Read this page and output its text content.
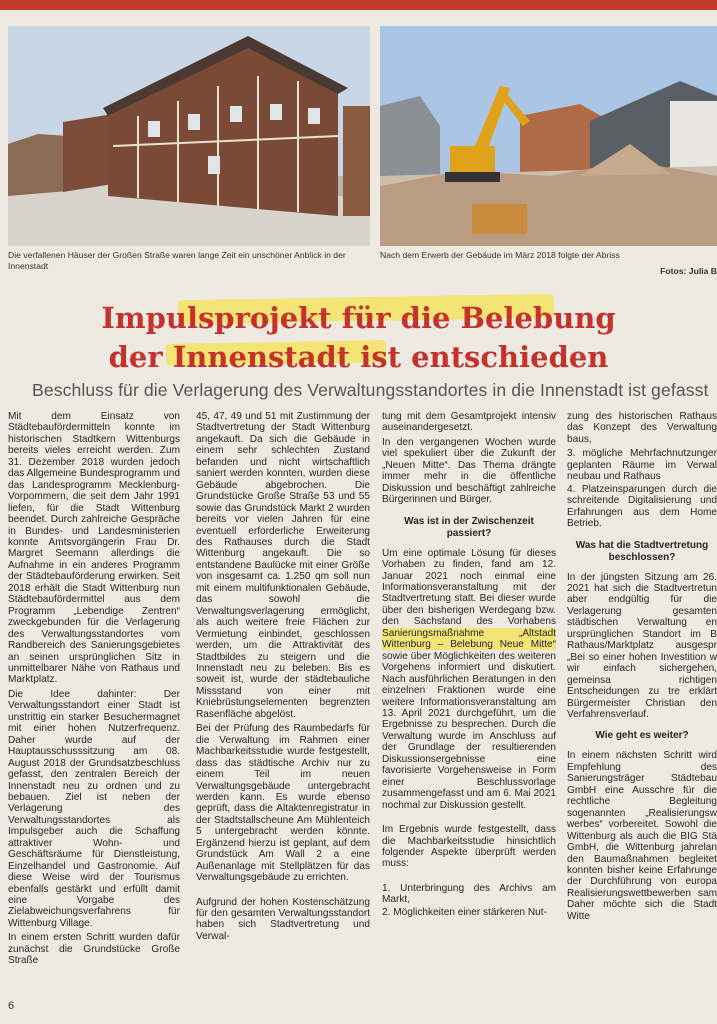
Die verfallenen Häuser der Großen Straße waren lange Zeit ein unschöner Anblick in der Innenstadt
Nach dem Erwerb der Gebäude im März 2018 folgte der Abriss
Fotos: Julia B
Impulsprojekt für die Belebung
der Innenstadt ist entschieden
Beschluss für die Verlagerung des Verwaltungsstandortes in die Innenstadt ist gefasst

Mit dem Einsatz von Städtebaufördermitteln konnte im historischen Stadtkern Wittenburgs bereits vieles erreicht werden. Zum 31. Dezember 2018 wurden jedoch das Allgemeine Bundesprogramm und das Landesprogramm Mecklenburg-Vorpommern, die seit dem Jahr 1991 liefen, für die Stadt Wittenburg beendet. Durch zahlreiche Gespräche in Bundes- und Landesministerien konnte Amtsvorgängerin Frau Dr. Margret Seemann allerdings die Aufnahme in ein anderes Programm der Städtebauförderung erwirken. Seit 2018 erhält die Stadt Wittenburg nun Städtebaufördermittel aus dem Programm „Lebendige Zentren“ zweckgebunden für die Verlagerung des Verwaltungsstandortes vom Randbereich des Sanierungsgebietes an seinen ursprünglichen Sitz in unmittelbarer Nähe von Rathaus und Marktplatz.

Die Idee dahinter: Der Verwaltungsstandort einer Stadt ist unstrittig ein starker Besuchermagnet mit einer hohen Nutzerfrequenz. Daher wurde auf der Hauptausschusssitzung am 08. August 2018 der Grundsatzbeschluss gefasst, den zentralen Bereich der Innenstadt neu zu ordnen und zu bebauen. Ziel ist neben der Verlagerung des Verwaltungsstandortes als Impulsgeber auch die Schaffung attraktiver Wohn- und Geschäftsräume für Dienstleistung, Einzelhandel und Gastronomie. Auf diese Weise wird der Tourismus ebenfalls gestärkt und erfüllt damit eine Vorgabe des Zielabweichungsverfahrens für Wittenburg Village.

In einem ersten Schritt wurden dafür zunächst die Grundstücke Große Straße

45, 47, 49 und 51 mit Zustimmung der Stadtvertretung der Stadt Wittenburg angekauft. Da sich die Gebäude in einem sehr schlechten Zustand befanden und nicht wirtschaftlich saniert werden konnten, wurden diese Gebäude abgebrochen. Die Grundstücke Große Straße 53 und 55 sowie das Grundstück Markt 2 wurden bereits vor vielen Jahren für eine eventuell erforderliche Erweiterung des Rathauses durch die Stadt Wittenburg angekauft. Die so entstandene Baulücke mit einer Größe von insgesamt ca. 1.250 qm soll nun mit einem multifunktionalen Gebäude, das sowohl die Verwaltungsverlagerung ermöglicht, als auch weitere freie Flächen zur Vermietung einbindet, geschlossen werden, um die Attraktivität des Stadtbildes zu steigern und die Innenstadt neu zu beleben. Bis es soweit ist, wurde der städtebauliche Missstand von einer mit Kniebrüstungselementen begrenzten Rasenfläche abgelöst.

Bei der Prüfung des Raumbedarfs für die Verwaltung im Rahmen einer Machbarkeitsstudie wurde festgestellt, dass das städtische Archiv nur zu einem Teil im neuen Verwaltungsgebäude untergebracht werden kann. Es wurde ebenso geprüft, dass die Altaktenregistratur in der Stadtstallscheune Am Mühlenteich 5 untergebracht werden könnte. Ergänzend hierzu ist geplant, auf dem Grundstück Am Wall 2 a eine Außenanlage mit Stellplätzen für das Verwaltungsgebäude zu errichten.

Aufgrund der hohen Kostenschätzung für den gesamten Verwaltungsstandort haben sich Stadtvertretung und Verwal-

tung mit dem Gesamtprojekt intensiv auseinandergesetzt.

In den vergangenen Wochen wurde viel spekuliert über die Zukunft der „Neuen Mitte“. Das Thema drängte immer mehr in die öffentliche Diskussion und beschäftigt zahlreiche Bürgerinnen und Bürger.

Was ist in der Zwischenzeit passiert?

Um eine optimale Lösung für dieses Vorhaben zu finden, fand am 12. Januar 2021 noch einmal eine Informationsveranstaltung mit der Stadtvertretung statt. Bei dieser wurde über den bisherigen Werdegang bzw. den Sachstand des Vorhabens Sanierungsmaßnahme „Altstadt Wittenburg – Belebung Neue Mitte“ sowie über Möglichkeiten des weiteren Vorgehens informiert und diskutiert. Nach ausführlichen Beratungen in den einzelnen Fraktionen wurde eine weitere Informationsveranstaltung am 13. April 2021 durchgeführt, um die Ergebnisse zu besprechen. Durch die Verwaltung wurde im Anschluss auf der Grundlage der resultierenden Diskussionsergebnisse eine favorisierte Vorgehensweise in Form einer Beschlussvorlage zusammengefasst und am 6. Mai 2021 nochmal zur Diskussion gestellt.

Im Ergebnis wurde festgestellt, dass die Machbarkeitsstudie hinsichtlich folgender Aspekte überprüft werden muss:

1. Unterbringung des Archivs am Markt,
2. Möglichkeiten einer stärkeren Nut-

zung des historischen Rathaus das Konzept des Verwaltung baus,

3. mögliche Mehrfachnutzunger geplanten Räume im Verwal neubau und Rathaus
4. Platzeinsparungen durch die schreitende Digitalisierung und Erfahrungen aus dem Home Betrieb.
Was hat die Stadtvertretung beschlossen?

In der jüngsten Sitzung am 26. 2021 hat sich die Stadtvertretun aber endgültig für die Verlagerung gesamten städtischen Verwaltung en ursprünglichen Standort im B Rathaus/Marktplatz ausgespr „Bei so einer hohen Investition w wir einfach sichergehen, gemeinsa richtigen Entscheidungen zu tre erklärt Bürgermeister Christian den Verfahrensverlauf.

Wie geht es weiter?

In einem nächsten Schritt wird Empfehlung des Sanierungsträger Städtebau GmbH eine Ausschre für die rechtliche Begleitung sogenannten „Realisierungsw werbes“ vorbereitet. Sowohl die Wittenburg als auch die BIG Stä GmbH, die Wittenburg jahrelan den Baumaßnahmen begleitet konnten bisher keine Erfahrunge der Durchführung von europa Realisierungswettbewerben sam Daher möchte sich die Stadt Witte

6
